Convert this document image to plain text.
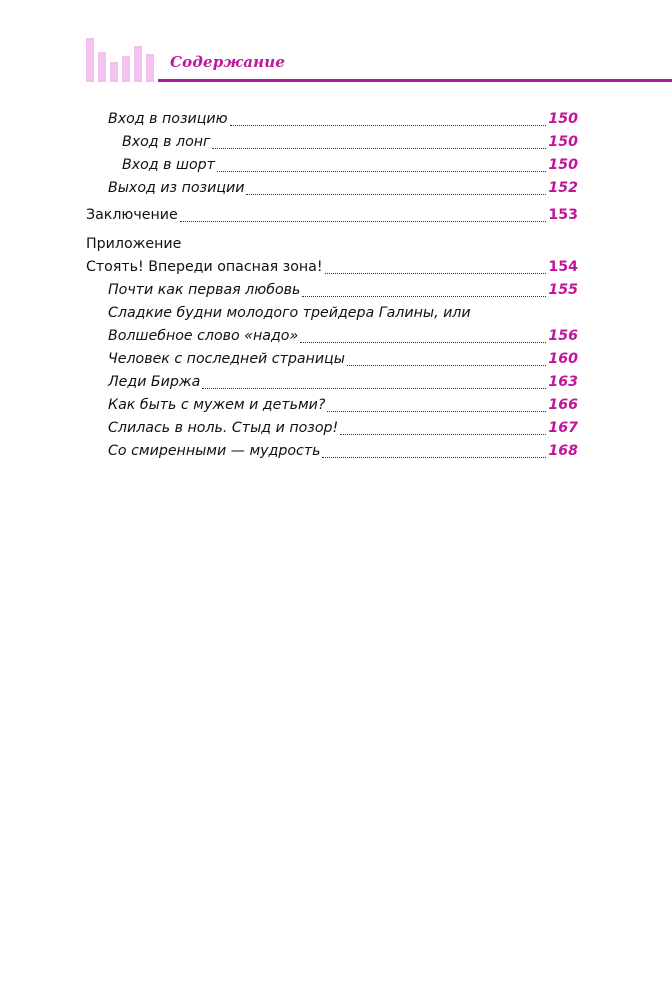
Содержание
Вход в позицию	150
Вход в лонг	150
Вход в шорт	150
Выход из позиции	152
Заключение	153
Приложение
Стоять! Впереди опасная зона!	154
Почти как первая любовь	155
Сладкие будни молодого трейдера Галины, или
Волшебное слово «надо»	156
Человек с последней страницы	160
Леди Биржа	163
Как быть с мужем и детьми?	166
Слилась в ноль. Стыд и позор!	167
Со смиренными — мудрость	168
